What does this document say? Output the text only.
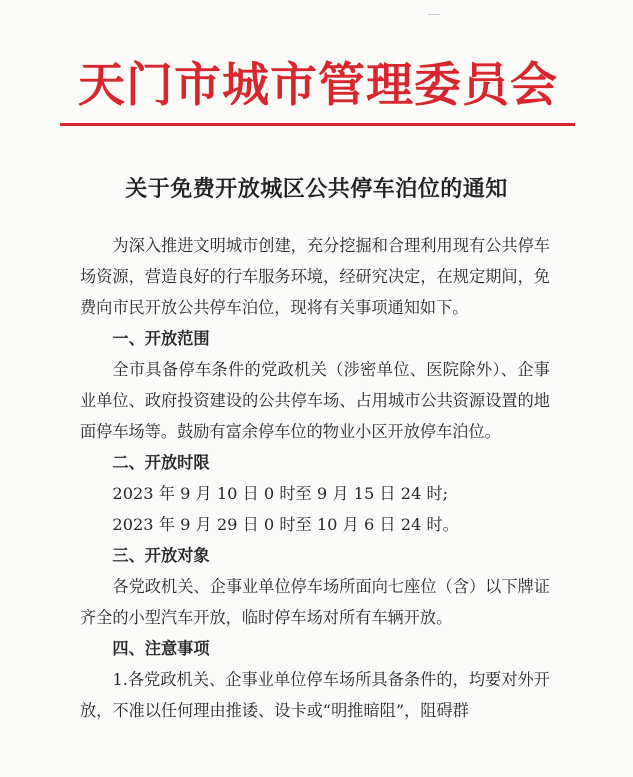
天门市城市管理委员会
关于免费开放城区公共停车泊位的通知

为深入推进文明城市创建，充分挖掘和合理利用现有公共停车场资源，营造良好的行车服务环境，经研究决定，在规定期间，免费向市民开放公共停车泊位，现将有关事项通知如下。

一、开放范围

全市具备停车条件的党政机关（涉密单位、医院除外）、企事业单位、政府投资建设的公共停车场、占用城市公共资源设置的地面停车场等。鼓励有富余停车位的物业小区开放停车泊位。

二、开放时限

2023 年 9 月 10 日 0 时至 9 月 15 日 24 时;

2023 年 9 月 29 日 0 时至 10 月 6 日 24 时。

三、开放对象

各党政机关、企事业单位停车场所面向七座位（含）以下牌证齐全的小型汽车开放，临时停车场对所有车辆开放。

四、注意事项

1.各党政机关、企事业单位停车场所具备条件的，均要对外开放，不准以任何理由推诿、设卡或“明推暗阻”，阻碍群
